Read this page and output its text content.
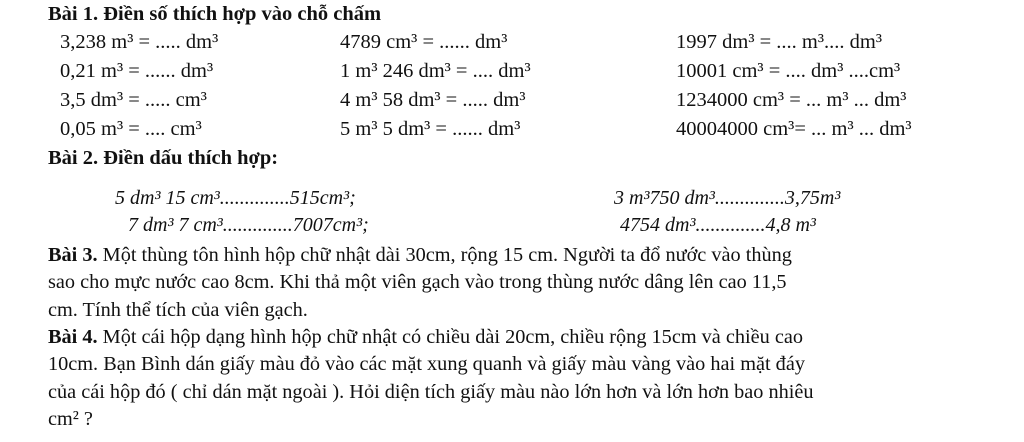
Bài 1. Điền số thích hợp vào chỗ chấm
3,238 m³ = ..... dm³	4789 cm³ = ...... dm³	1997 dm³ = .... m³.... dm³
0,21 m³ = ...... dm³	1 m³ 246 dm³ = .... dm³	10001 cm³ = .... dm³ ....cm³
3,5 dm³ = ..... cm³	4 m³ 58 dm³ = ..... dm³	1234000 cm³ = ... m³ ... dm³
0,05 m³ = .... cm³	5 m³ 5 dm³ = ...... dm³	40004000 cm³= ... m³ ... dm³
Bài 2. Điền dấu thích hợp:
5 dm³ 15 cm³..............515cm³;	3 m³750 dm³..............3,75m³
7 dm³ 7 cm³..............7007cm³;	4754 dm³..............4,8 m³
Bài 3. Một thùng tôn hình hộp chữ nhật dài 30cm, rộng 15 cm. Người ta đổ nước vào thùng
sao cho mực nước cao 8cm. Khi thả một viên gạch vào trong thùng nước dâng lên cao 11,5
cm. Tính thể tích của viên gạch.
Bài 4. Một cái hộp dạng hình hộp chữ nhật có chiều dài 20cm, chiều rộng 15cm và chiều cao
10cm. Bạn Bình dán giấy màu đỏ vào các mặt xung quanh và giấy màu vàng vào hai mặt đáy
của cái hộp đó ( chỉ dán mặt ngoài ). Hỏi diện tích giấy màu nào lớn hơn và lớn hơn bao nhiêu
cm² ?
